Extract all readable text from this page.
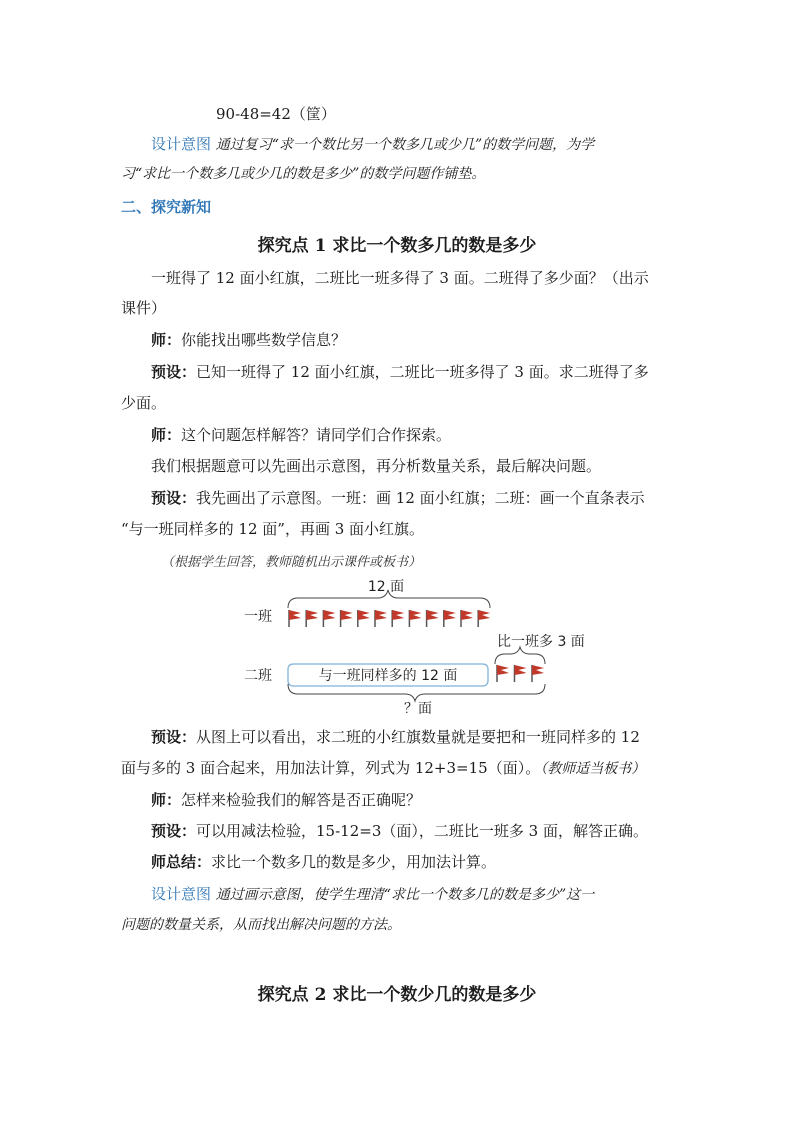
90-48=42（筐）
设计意图 通过复习“求一个数比另一个数多几或少几”的数学问题，为学
习“求比一个数多几或少几的数是多少”的数学问题作铺垫。
二、探究新知
探究点 1 求比一个数多几的数是多少
一班得了 12 面小红旗，二班比一班多得了 3 面。二班得了多少面？（出示
课件）
师：你能找出哪些数学信息？
预设：已知一班得了 12 面小红旗，二班比一班多得了 3 面。求二班得了多
少面。
师：这个问题怎样解答？请同学们合作探索。
我们根据题意可以先画出示意图，再分析数量关系，最后解决问题。
预设：我先画出了示意图。一班：画 12 面小红旗；二班：画一个直条表示
“与一班同样多的 12 面”，再画 3 面小红旗。
（根据学生回答，教师随机出示课件或板书）
12 面
一班
比一班多 3 面
二班	与一班同样多的 12 面
？面
预设：从图上可以看出，求二班的小红旗数量就是要把和一班同样多的 12
面与多的 3 面合起来，用加法计算，列式为 12+3=15（面）。（教师适当板书）
师：怎样来检验我们的解答是否正确呢？
预设：可以用减法检验，15-12=3（面），二班比一班多 3 面，解答正确。
师总结：求比一个数多几的数是多少，用加法计算。
设计意图 通过画示意图，使学生理清“求比一个数多几的数是多少”这一
问题的数量关系，从而找出解决问题的方法。
探究点 2 求比一个数少几的数是多少
